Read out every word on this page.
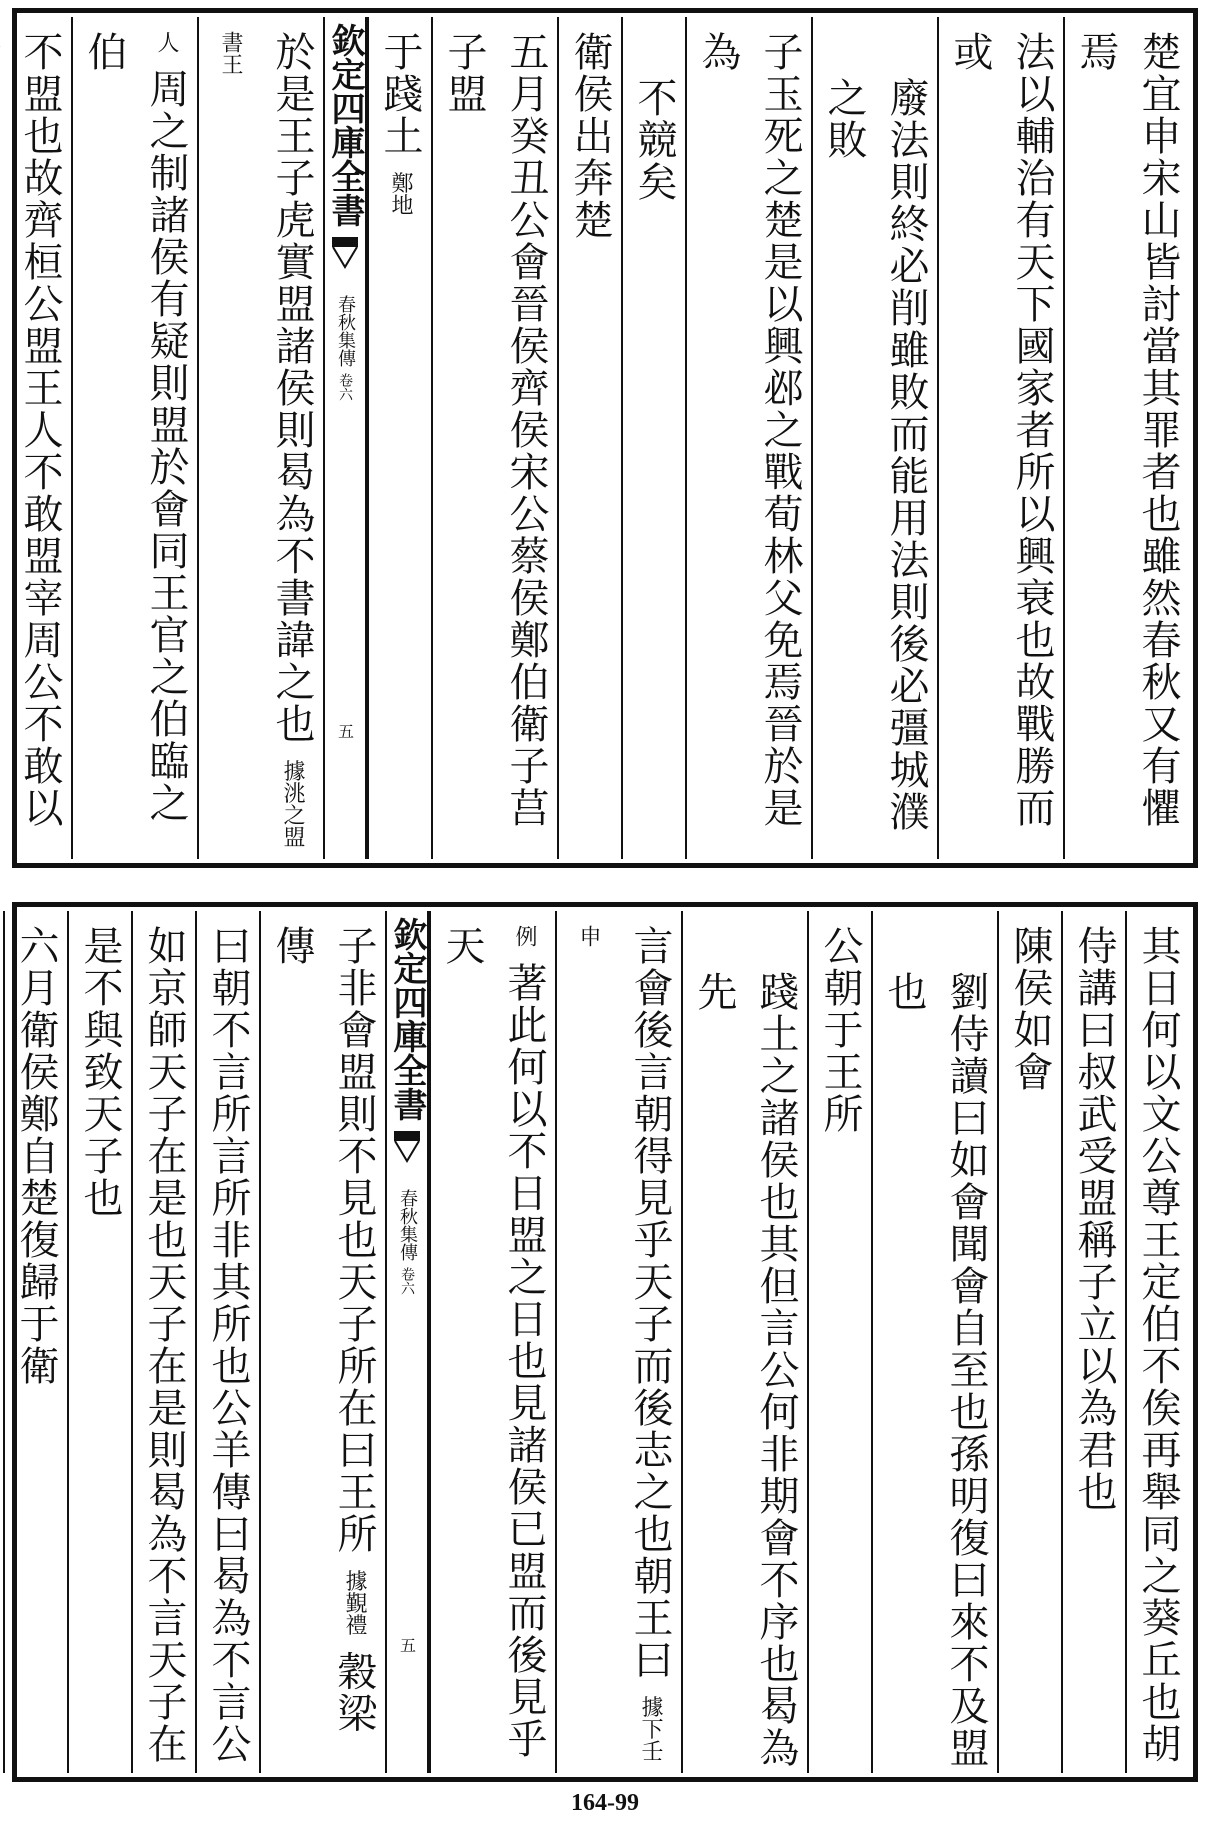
楚宜申宋山皆討當其罪者也雖然春秋又有懼焉
法以輔治有天下國家者所以興衰也故戰勝而或
廢法則終必削雖敗而能用法則後必彊城濮之敗
子玉死之楚是以興邲之戰荀林父免焉晉於是為
不競矣
衛侯出奔楚
五月癸丑公會晉侯齊侯宋公蔡侯鄭伯衛子莒子盟
于踐土 鄭地
欽定四庫全書
春秋集傳
卷六
五
於是王子虎實盟諸侯則曷為不書諱之也 據洮之盟書王
人 周之制諸侯有疑則盟於會同王官之伯臨之伯
不盟也故齊桓公盟王人不敢盟宰周公不敢以
其日何以文公尊王定伯不俟再舉同之葵丘也胡
侍講曰叔武受盟稱子立以為君也
陳侯如會
劉侍讀曰如會聞會自至也孫明復曰來不及盟也
公朝于王所
踐土之諸侯也其但言公何非期會不序也曷為先
言會後言朝得見乎天子而後志之也朝王曰 據下壬申
例 著此何以不日盟之日也見諸侯已盟而後見乎天
欽定四庫全書
春秋集傳
卷六
五
子非會盟則不見也天子所在曰王所 據覲禮 穀梁傳
曰朝不言所言所非其所也公羊傳曰曷為不言公
如京師天子在是也天子在是則曷為不言天子在
是不與致天子也
六月衛侯鄭自楚復歸于衛
164-99
